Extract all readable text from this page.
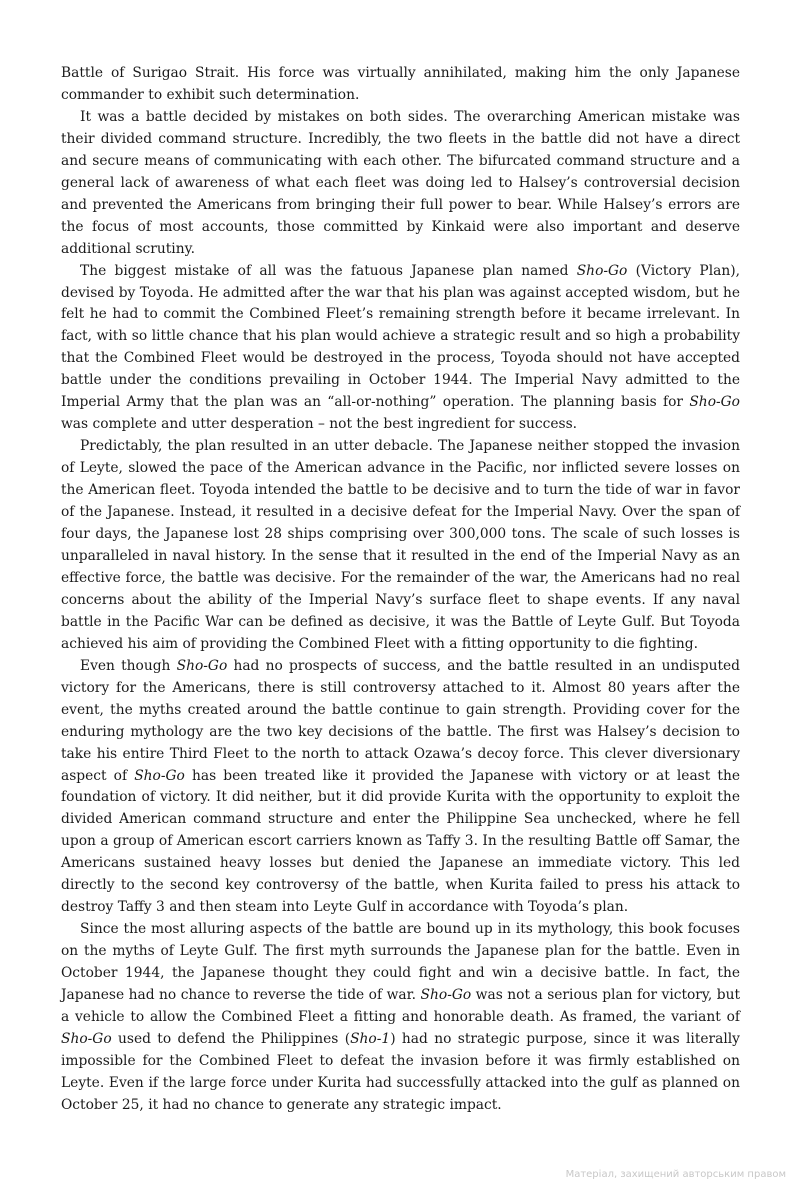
Battle of Surigao Strait. His force was virtually annihilated, making him the only Japanese commander to exhibit such determination.

It was a battle decided by mistakes on both sides. The overarching American mistake was their divided command structure. Incredibly, the two fleets in the battle did not have a direct and secure means of communicating with each other. The bifurcated command structure and a general lack of awareness of what each fleet was doing led to Halsey’s controversial decision and prevented the Americans from bringing their full power to bear. While Halsey’s errors are the focus of most accounts, those committed by Kinkaid were also important and deserve additional scrutiny.

The biggest mistake of all was the fatuous Japanese plan named Sho-Go (Victory Plan), devised by Toyoda. He admitted after the war that his plan was against accepted wisdom, but he felt he had to commit the Combined Fleet’s remaining strength before it became irrelevant. In fact, with so little chance that his plan would achieve a strategic result and so high a probability that the Combined Fleet would be destroyed in the process, Toyoda should not have accepted battle under the conditions prevailing in October 1944. The Imperial Navy admitted to the Imperial Army that the plan was an “all-or-nothing” operation. The planning basis for Sho-Go was complete and utter desperation – not the best ingredient for success.

Predictably, the plan resulted in an utter debacle. The Japanese neither stopped the invasion of Leyte, slowed the pace of the American advance in the Pacific, nor inflicted severe losses on the American fleet. Toyoda intended the battle to be decisive and to turn the tide of war in favor of the Japanese. Instead, it resulted in a decisive defeat for the Imperial Navy. Over the span of four days, the Japanese lost 28 ships comprising over 300,000 tons. The scale of such losses is unparalleled in naval history. In the sense that it resulted in the end of the Imperial Navy as an effective force, the battle was decisive. For the remainder of the war, the Americans had no real concerns about the ability of the Imperial Navy’s surface fleet to shape events. If any naval battle in the Pacific War can be defined as decisive, it was the Battle of Leyte Gulf. But Toyoda achieved his aim of providing the Combined Fleet with a fitting opportunity to die fighting.

Even though Sho-Go had no prospects of success, and the battle resulted in an undisputed victory for the Americans, there is still controversy attached to it. Almost 80 years after the event, the myths created around the battle continue to gain strength. Providing cover for the enduring mythology are the two key decisions of the battle. The first was Halsey’s decision to take his entire Third Fleet to the north to attack Ozawa’s decoy force. This clever diversionary aspect of Sho-Go has been treated like it provided the Japanese with victory or at least the foundation of victory. It did neither, but it did provide Kurita with the opportunity to exploit the divided American command structure and enter the Philippine Sea unchecked, where he fell upon a group of American escort carriers known as Taffy 3. In the resulting Battle off Samar, the Americans sustained heavy losses but denied the Japanese an immediate victory. This led directly to the second key controversy of the battle, when Kurita failed to press his attack to destroy Taffy 3 and then steam into Leyte Gulf in accordance with Toyoda’s plan.

Since the most alluring aspects of the battle are bound up in its mythology, this book focuses on the myths of Leyte Gulf. The first myth surrounds the Japanese plan for the battle. Even in October 1944, the Japanese thought they could fight and win a decisive battle. In fact, the Japanese had no chance to reverse the tide of war. Sho-Go was not a serious plan for victory, but a vehicle to allow the Combined Fleet a fitting and honorable death. As framed, the variant of Sho-Go used to defend the Philippines (Sho-1) had no strategic purpose, since it was literally impossible for the Combined Fleet to defeat the invasion before it was firmly established on Leyte. Even if the large force under Kurita had successfully attacked into the gulf as planned on October 25, it had no chance to generate any strategic impact.

Матеріал, захищений авторським правом
